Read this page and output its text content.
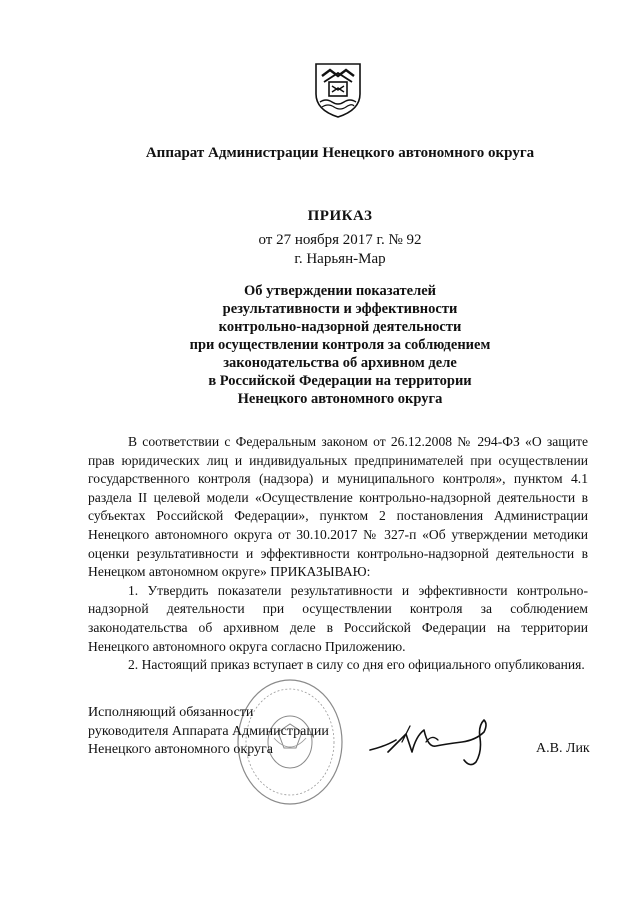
Аппарат Администрации Ненецкого автономного округа
ПРИКАЗ
от 27 ноября 2017 г. № 92
г. Нарьян-Мар
Об утверждении показателей
результативности и эффективности
контрольно-надзорной деятельности
при осуществлении контроля за соблюдением
законодательства об архивном деле
в Российской Федерации на территории
Ненецкого автономного округа

В соответствии с Федеральным законом от 26.12.2008 № 294-ФЗ «О защите прав юридических лиц и индивидуальных предпринимателей при осуществлении государственного контроля (надзора) и муниципального контроля», пунктом 4.1 раздела II целевой модели «Осуществление контрольно-надзорной деятельности в субъектах Российской Федерации», пунктом 2 постановления Администрации Ненецкого автономного округа от 30.10.2017 № 327-п «Об утверждении методики оценки результативности и эффективности контрольно-надзорной деятельности в Ненецком автономном округе» ПРИКАЗЫВАЮ:

1. Утвердить показатели результативности и эффективности контрольно-надзорной деятельности при осуществлении контроля за соблюдением законодательства об архивном деле в Российской Федерации на территории Ненецкого автономного округа согласно Приложению.

2. Настоящий приказ вступает в силу со дня его официального опубликования.

Исполняющий обязанности
руководителя Аппарата Администрации
Ненецкого автономного округа	А.В. Лик
